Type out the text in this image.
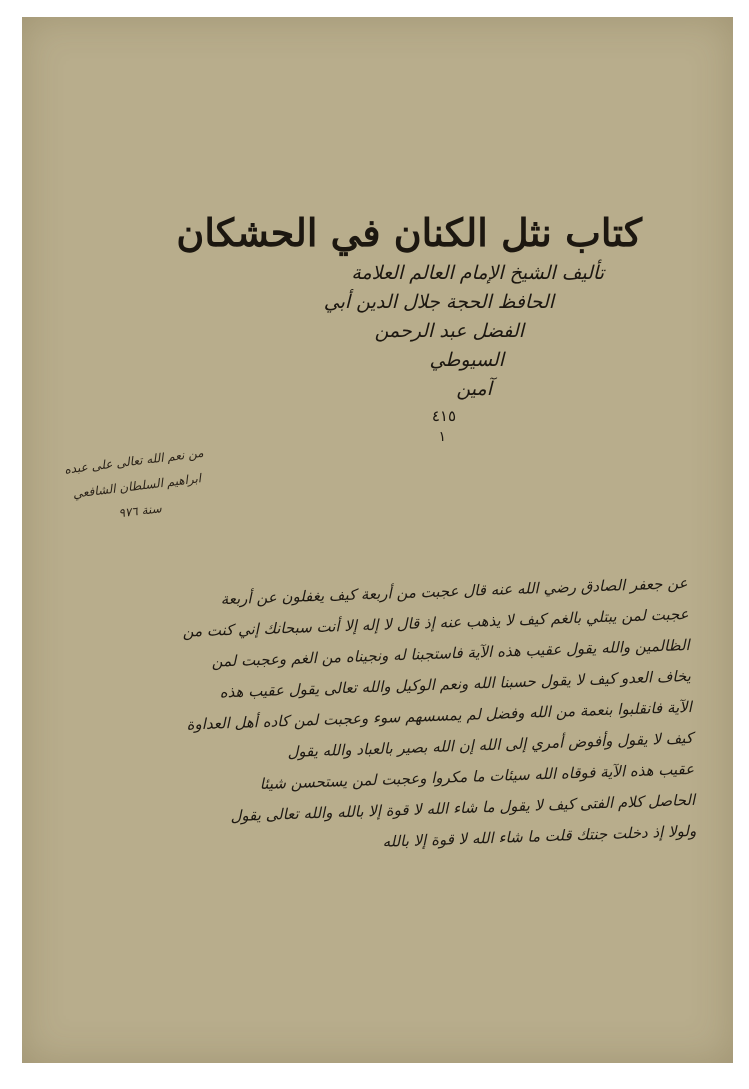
كتاب نثل الكنان في الحشكان
تأليف الشيخ الإمام العالم العلامة
الحافظ الحجة جلال الدين أبي
الفضل عبد الرحمن
السيوطي
آمين
٤١٥
١
من نعم الله تعالى على عبده
ابراهيم السلطان الشافعي
سنة ٩٧٦
عن جعفر الصادق رضي الله عنه قال عجبت من أربعة كيف يغفلون عن أربعة
عجبت لمن يبتلي بالغم كيف لا يذهب عنه إذ قال لا إله إلا أنت سبحانك إني كنت من
الظالمين والله يقول عقيب هذه الآية فاستجبنا له ونجيناه من الغم وعجبت لمن
يخاف العدو كيف لا يقول حسبنا الله ونعم الوكيل والله تعالى يقول عقيب هذه
الآية فانقلبوا بنعمة من الله وفضل لم يمسسهم سوء وعجبت لمن كاده أهل العداوة
كيف لا يقول وأفوض أمري إلى الله إن الله بصير بالعباد والله يقول
عقيب هذه الآية فوقاه الله سيئات ما مكروا وعجبت لمن يستحسن شيئا
الحاصل كلام الفتى كيف لا يقول ما شاء الله لا قوة إلا بالله والله تعالى يقول
ولولا إذ دخلت جنتك قلت ما شاء الله لا قوة إلا بالله
